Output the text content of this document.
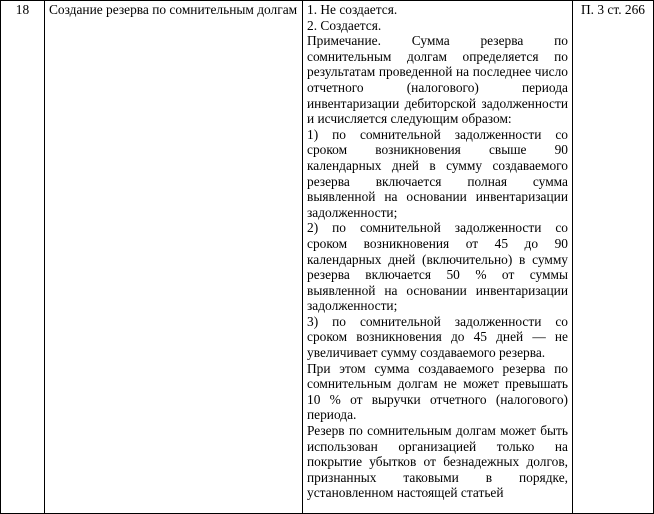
18	Создание резерва по сомнительным долгам	1. Не создается.
2. Создается.
Примечание. Сумма резерва по сомнительным долгам определяется по результатам проведенной на последнее число отчетного (налогового) периода инвентаризации дебиторской задолженности и исчисляется следующим образом:
1) по сомнительной задолженности со сроком возникновения свыше 90 календарных дней в сумму создаваемого резерва включается полная сумма выявленной на основании инвентаризации задолженности;
2) по сомнительной задолженности со сроком возникновения от 45 до 90 календарных дней (включительно) в сумму резерва включается 50 % от суммы выявленной на основании инвентаризации задолженности;
3) по сомнительной задолженности со сроком возникновения до 45 дней — не увеличивает сумму создаваемого резерва.
При этом сумма создаваемого резерва по сомнительным долгам не может превышать 10 % от выручки отчетного (налогового) периода.
Резерв по сомнительным долгам может быть использован организацией только на покрытие убытков от безнадежных долгов, признанных таковыми в порядке, установленном настоящей статьей
	П. 3 ст. 266
